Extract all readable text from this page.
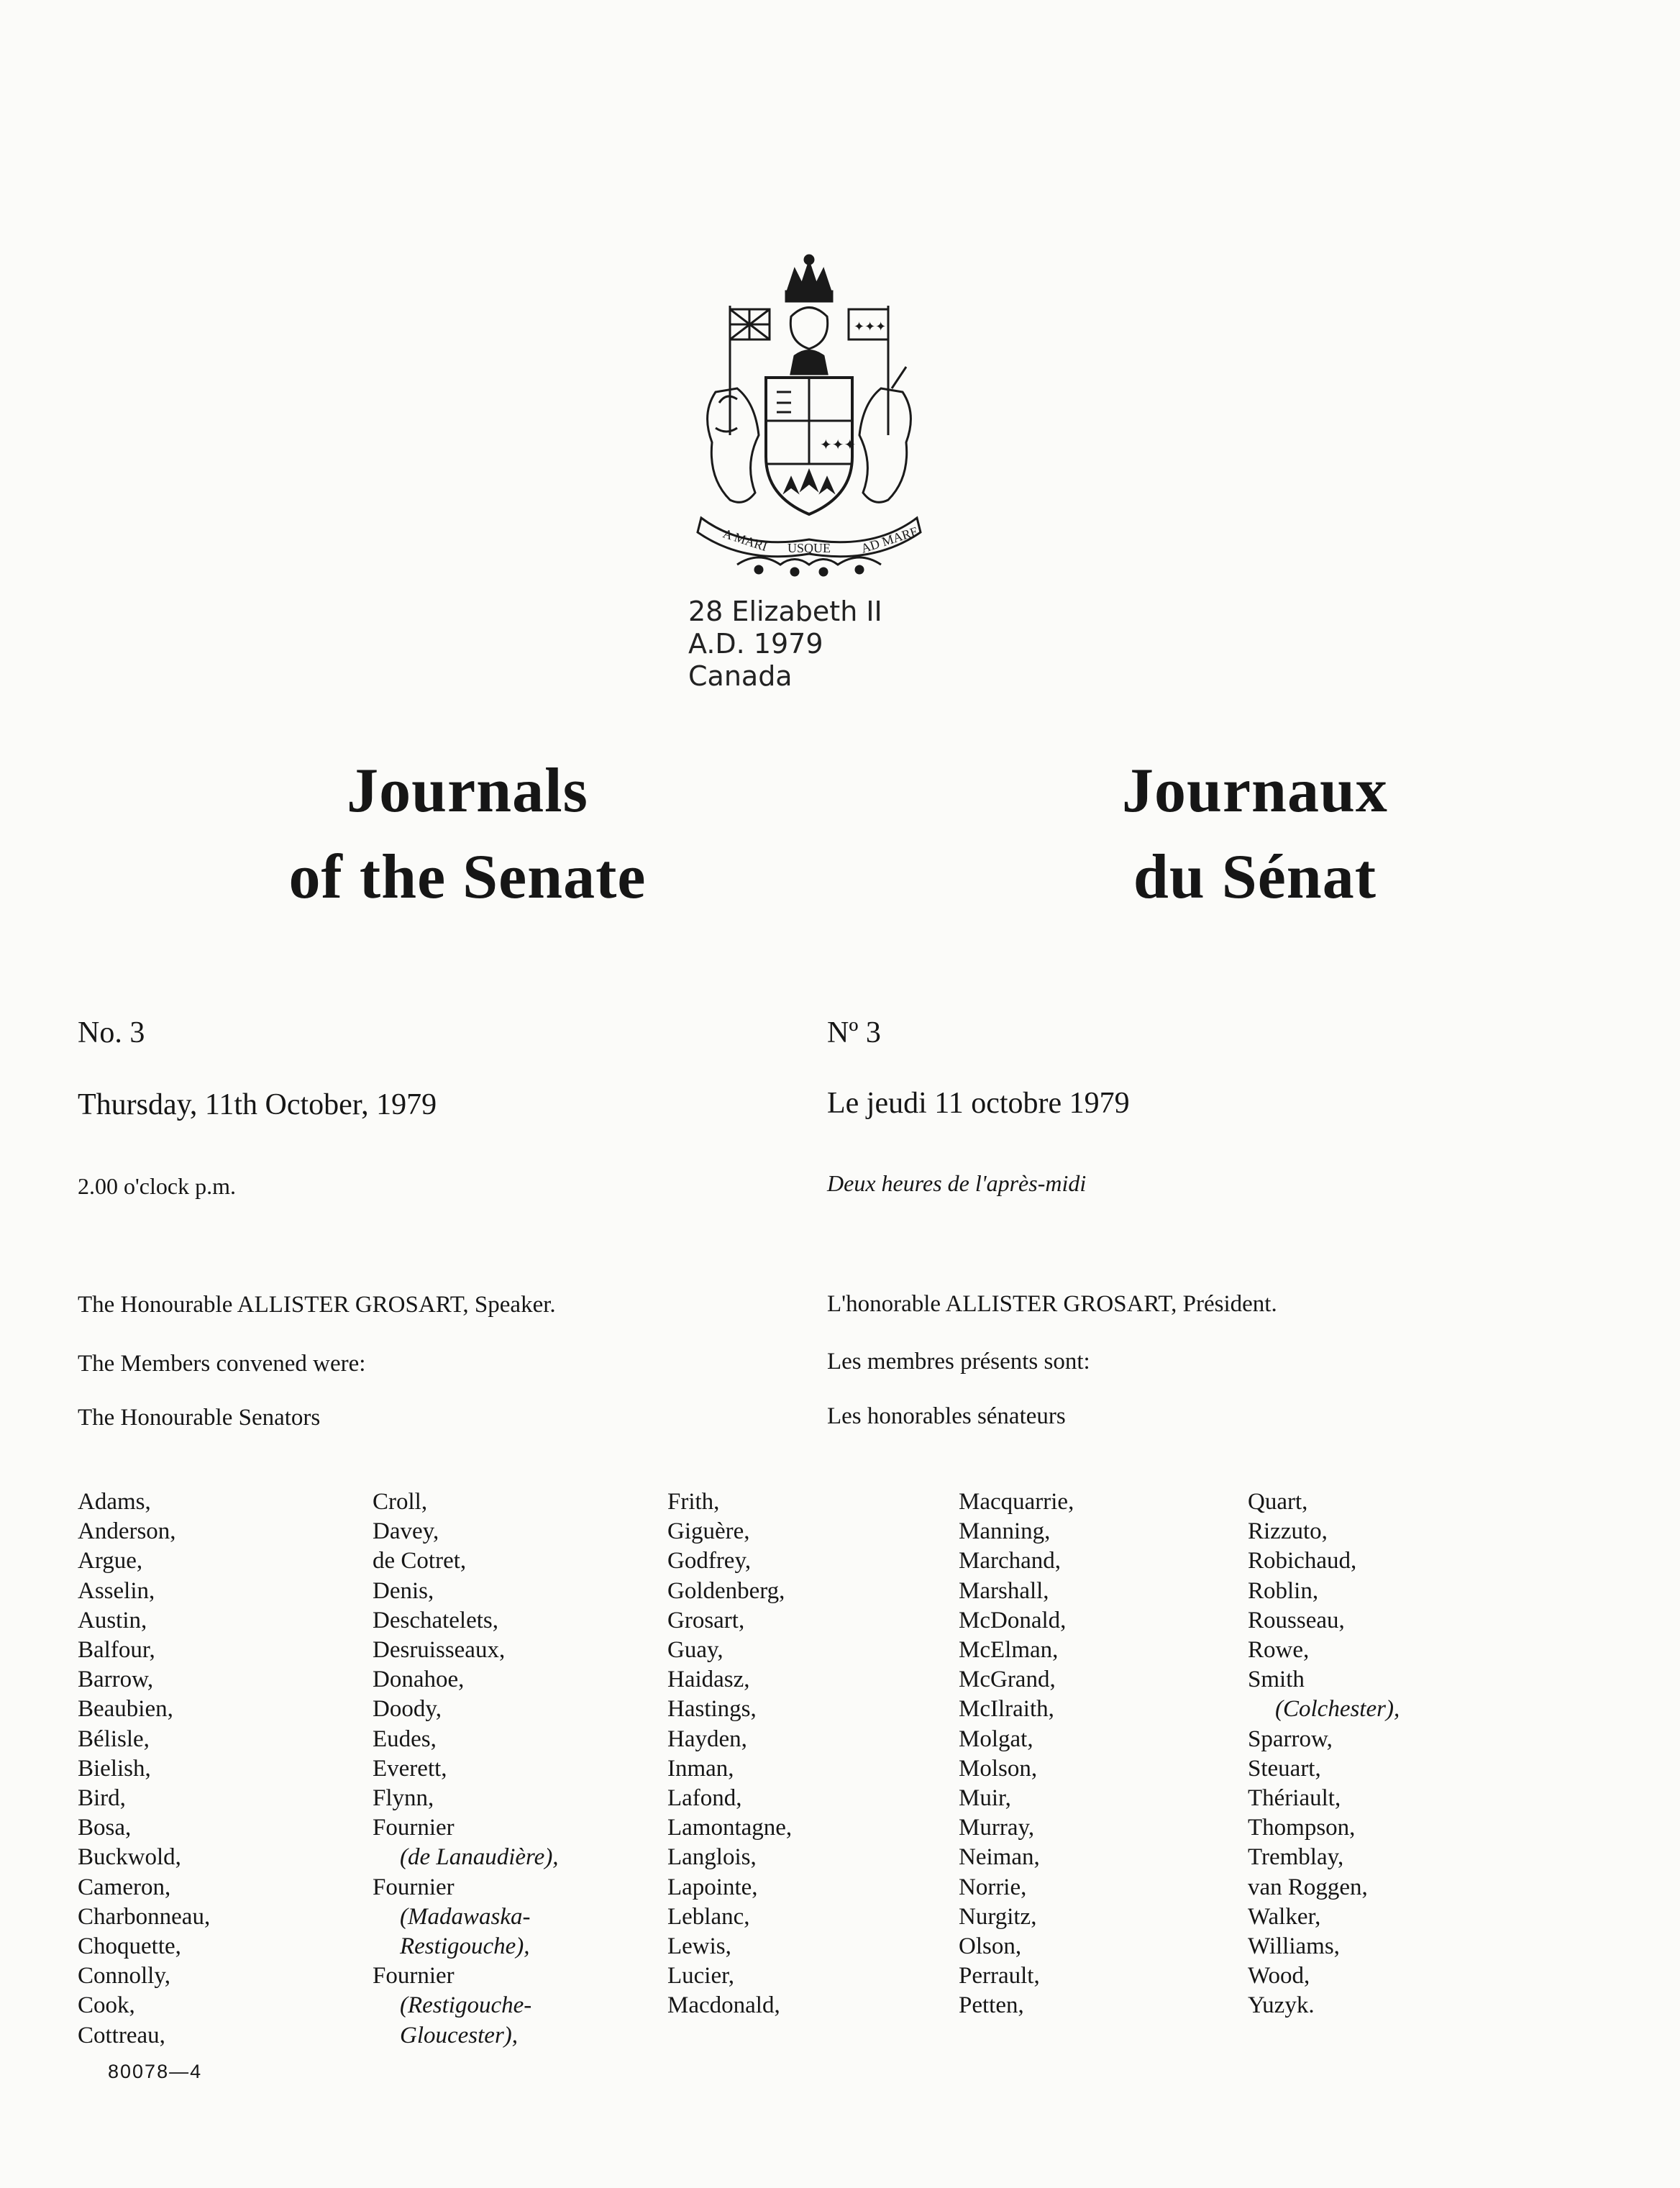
✦✦✦
✦✦✦
A MARI USQUE AD MARE
28 Elizabeth II
A.D. 1979
Canada
Journals
of the Senate
Journaux
du Sénat
No. 3
Thursday, 11th October, 1979
2.00 o'clock p.m.
The Honourable ALLISTER GROSART, Speaker.
The Members convened were:
The Honourable Senators
Nº 3
Le jeudi 11 octobre 1979
Deux heures de l'après-midi
L'honorable ALLISTER GROSART, Président.
Les membres présents sont:
Les honorables sénateurs
Adams,
Anderson,
Argue,
Asselin,
Austin,
Balfour,
Barrow,
Beaubien,
Bélisle,
Bielish,
Bird,
Bosa,
Buckwold,
Cameron,
Charbonneau,
Choquette,
Connolly,
Cook,
Cottreau,
Croll,
Davey,
de Cotret,
Denis,
Deschatelets,
Desruisseaux,
Donahoe,
Doody,
Eudes,
Everett,
Flynn,
Fournier
(de Lanaudière),
Fournier
(Madawaska-
Restigouche),
Fournier
(Restigouche-
Gloucester),
Frith,
Giguère,
Godfrey,
Goldenberg,
Grosart,
Guay,
Haidasz,
Hastings,
Hayden,
Inman,
Lafond,
Lamontagne,
Langlois,
Lapointe,
Leblanc,
Lewis,
Lucier,
Macdonald,
Macquarrie,
Manning,
Marchand,
Marshall,
McDonald,
McElman,
McGrand,
McIlraith,
Molgat,
Molson,
Muir,
Murray,
Neiman,
Norrie,
Nurgitz,
Olson,
Perrault,
Petten,
Quart,
Rizzuto,
Robichaud,
Roblin,
Rousseau,
Rowe,
Smith
(Colchester),
Sparrow,
Steuart,
Thériault,
Thompson,
Tremblay,
van Roggen,
Walker,
Williams,
Wood,
Yuzyk.
80078—4
